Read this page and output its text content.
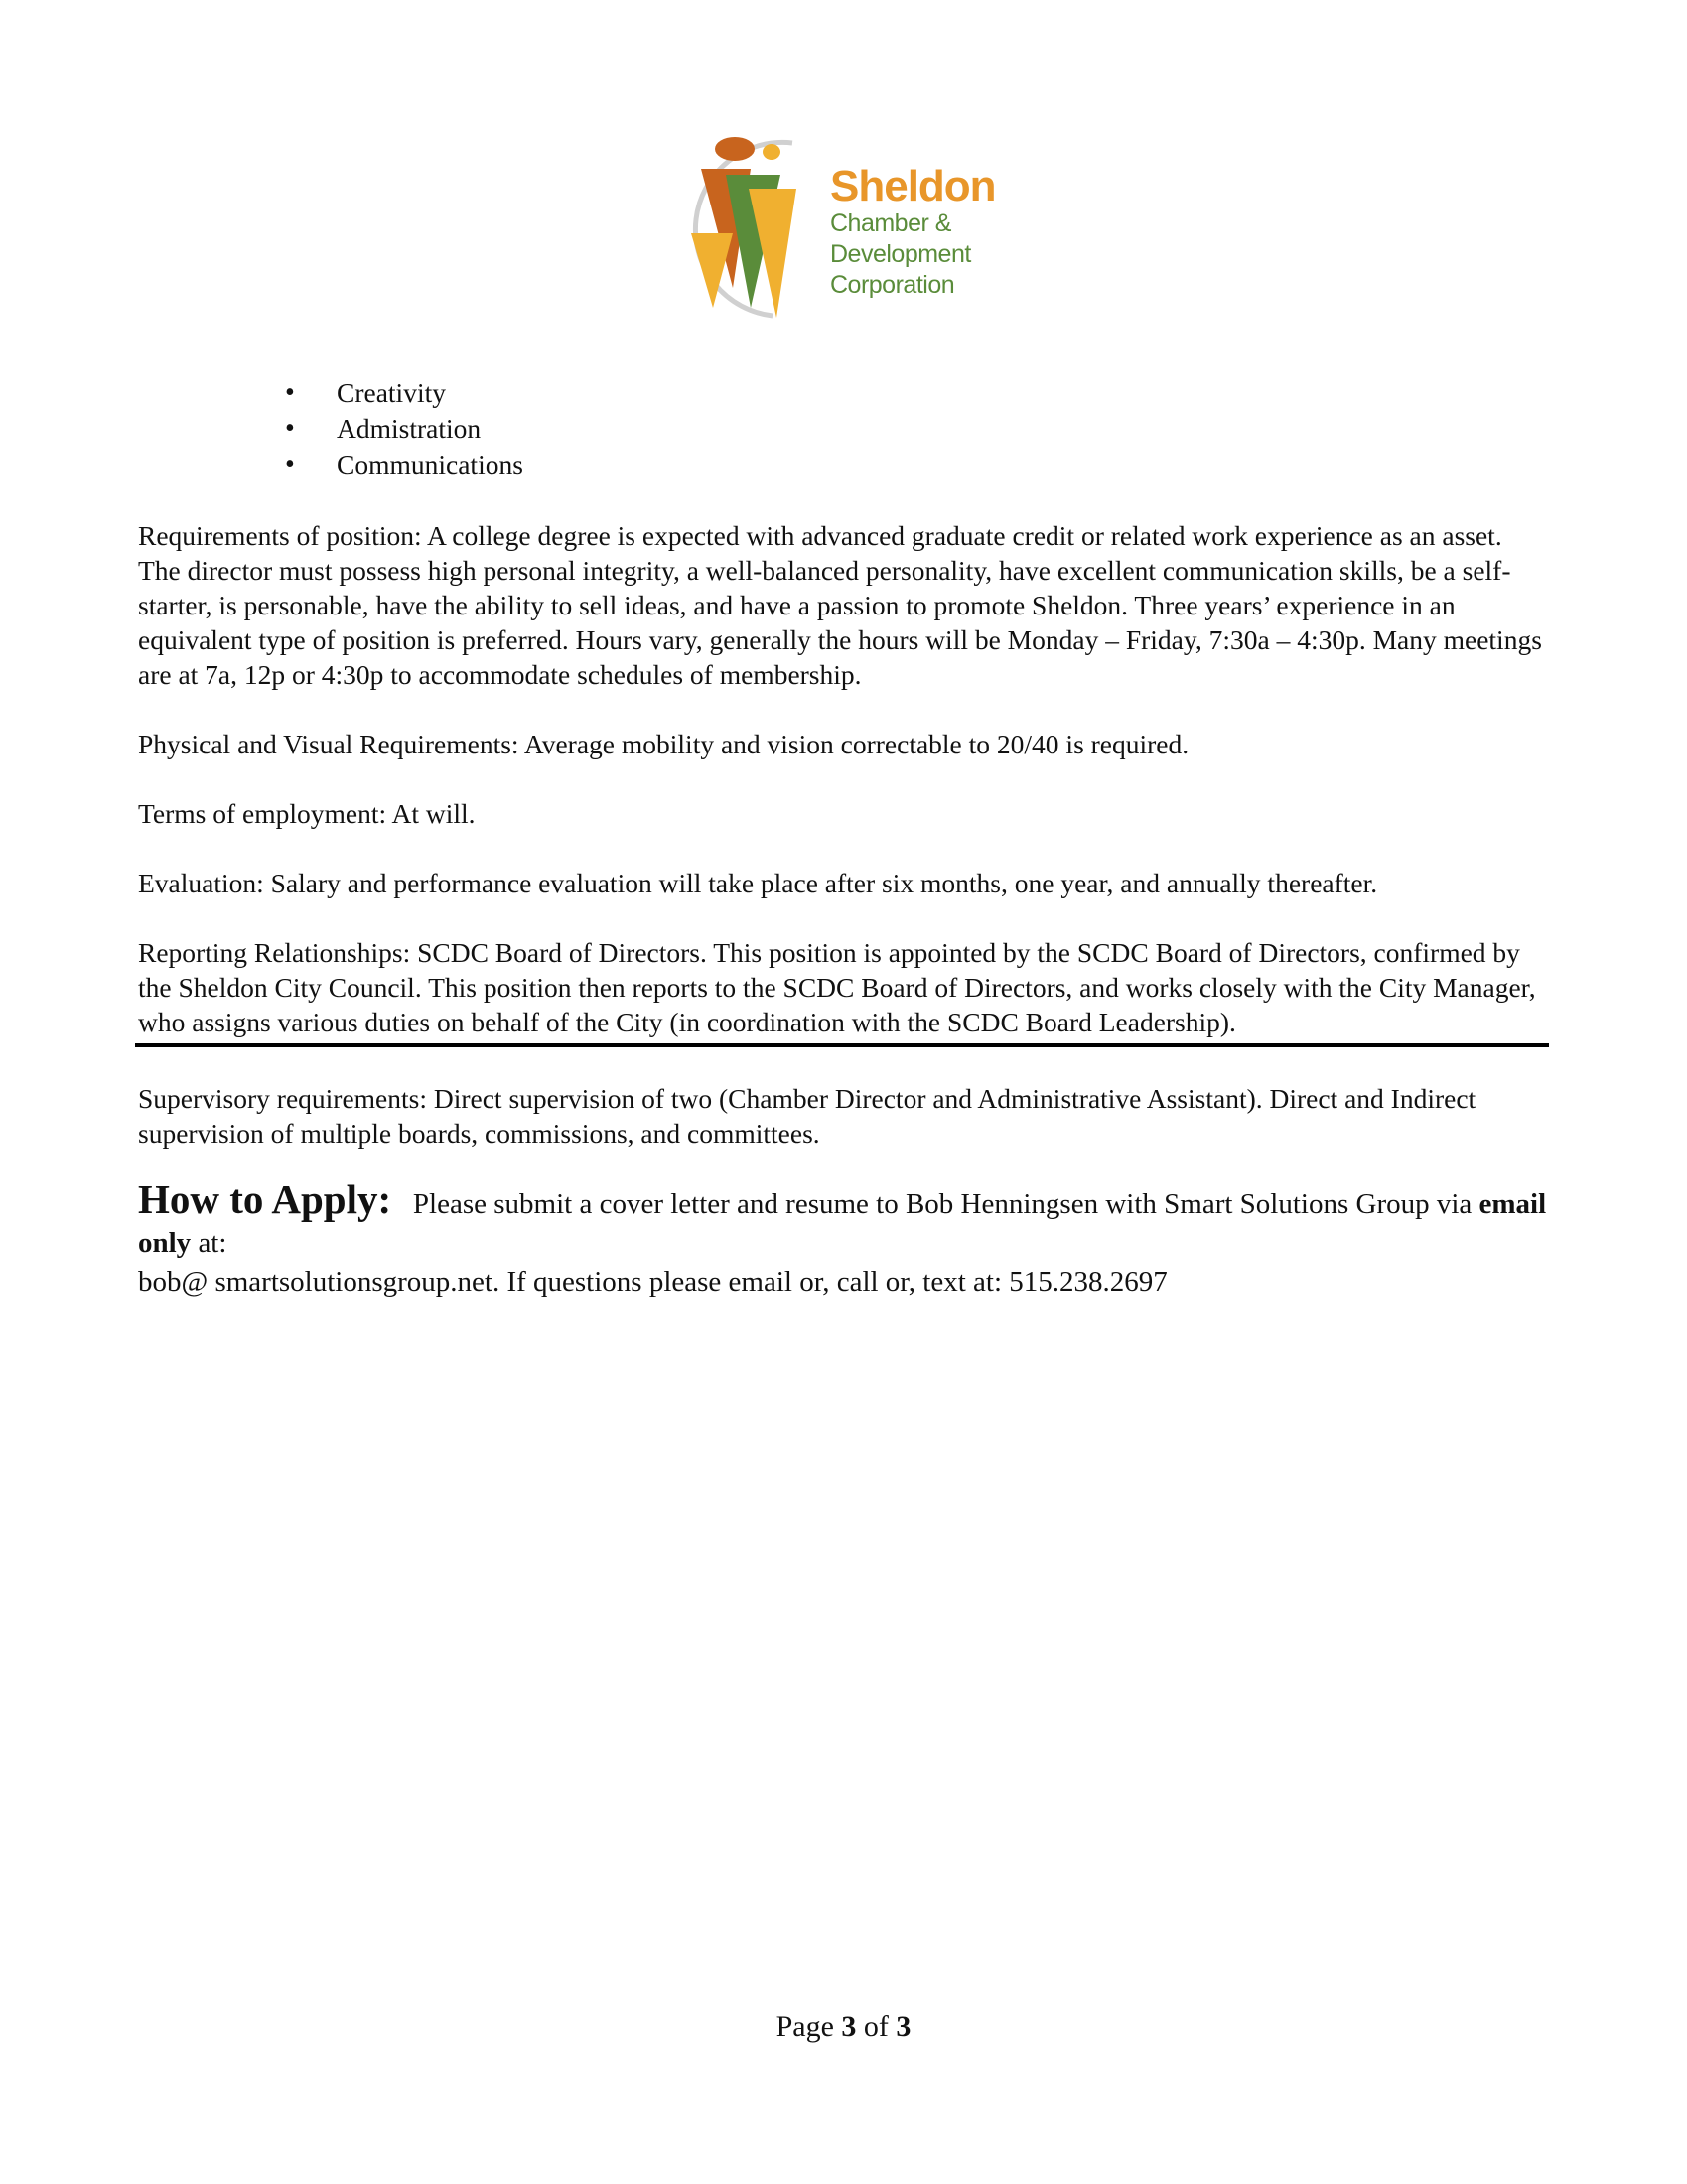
Sheldon
Chamber &
Development
Corporation
• Creativity
• Admistration
• Communications

Requirements of position: A college degree is expected with advanced graduate credit or related work experience as an asset. The director must possess high personal integrity, a well-balanced personality, have excellent communication skills, be a self-starter, is personable, have the ability to sell ideas, and have a passion to promote Sheldon. Three years’ experience in an equivalent type of position is preferred. Hours vary, generally the hours will be Monday – Friday, 7:30a – 4:30p. Many meetings are at 7a, 12p or 4:30p to accommodate schedules of membership.

Physical and Visual Requirements: Average mobility and vision correctable to 20/40 is required.

Terms of employment: At will.

Evaluation: Salary and performance evaluation will take place after six months, one year, and annually thereafter.

Reporting Relationships: SCDC Board of Directors. This position is appointed by the SCDC Board of Directors, confirmed by the Sheldon City Council. This position then reports to the SCDC Board of Directors, and works closely with the City Manager, who assigns various duties on behalf of the City (in coordination with the SCDC Board Leadership).

Supervisory requirements: Direct supervision of two (Chamber Director and Administrative Assistant). Direct and Indirect supervision of multiple boards, commissions, and committees.

How to Apply: Please submit a cover letter and resume to Bob Henningsen with Smart Solutions Group via email only at:
bob@ smartsolutionsgroup.net. If questions please email or, call or, text at: 515.238.2697
Page 3 of 3
